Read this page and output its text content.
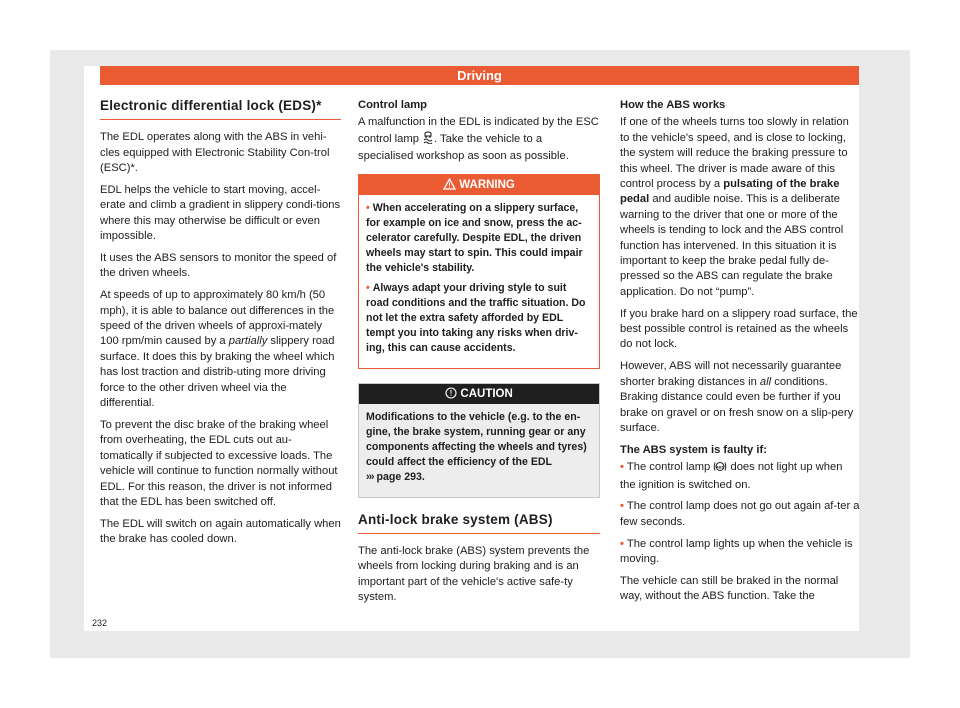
Driving
Electronic differential lock (EDS)*

The EDL operates along with the ABS in vehi-cles equipped with Electronic Stability Con-trol (ESC)*.

EDL helps the vehicle to start moving, accel-erate and climb a gradient in slippery condi-tions where this may otherwise be difficult or even impossible.

It uses the ABS sensors to monitor the speed of the driven wheels.

At speeds of up to approximately 80 km/h (50 mph), it is able to balance out differences in the speed of the driven wheels of approxi-mately 100 rpm/min caused by a partially slippery road surface. It does this by braking the wheel which has lost traction and distrib-uting more driving force to the other driven wheel via the differential.

To prevent the disc brake of the braking wheel from overheating, the EDL cuts out au-tomatically if subjected to excessive loads. The vehicle will continue to function normally without EDL. For this reason, the driver is not informed that the EDL has been switched off.

The EDL will switch on again automatically when the brake has cooled down.

Control lamp

A malfunction in the EDL is indicated by the ESC control lamp . Take the vehicle to a specialised workshop as soon as possible.

WARNING

• When accelerating on a slippery surface, for example on ice and snow, press the ac-celerator carefully. Despite EDL, the driven wheels may start to spin. This could impair the vehicle's stability.

• Always adapt your driving style to suit road conditions and the traffic situation. Do not let the extra safety afforded by EDL tempt you into taking any risks when driv-ing, this can cause accidents.

CAUTION

Modifications to the vehicle (e.g. to the en-gine, the brake system, running gear or any components affecting the wheels and tyres) could affect the efficiency of the EDL
››› page 293.

Anti-lock brake system (ABS)

The anti-lock brake (ABS) system prevents the wheels from locking during braking and is an important part of the vehicle's active safe-ty system.

How the ABS works

If one of the wheels turns too slowly in relation to the vehicle's speed, and is close to locking, the system will reduce the braking pressure to this wheel. The driver is made aware of this control process by a pulsating of the brake pedal and audible noise. This is a deliberate warning to the driver that one or more of the wheels is tending to lock and the ABS control function has intervened. In this situation it is important to keep the brake pedal fully de-pressed so the ABS can regulate the brake application. Do not “pump”.

If you brake hard on a slippery road surface, the best possible control is retained as the wheels do not lock.

However, ABS will not necessarily guarantee shorter braking distances in all conditions. Braking distance could even be further if you brake on gravel or on fresh snow on a slip-pery surface.

The ABS system is faulty if:

• The control lamp ABS does not light up when the ignition is switched on.

• The control lamp does not go out again af-ter a few seconds.

• The control lamp lights up when the vehicle is moving.

The vehicle can still be braked in the normal way, without the ABS function. Take the

232
